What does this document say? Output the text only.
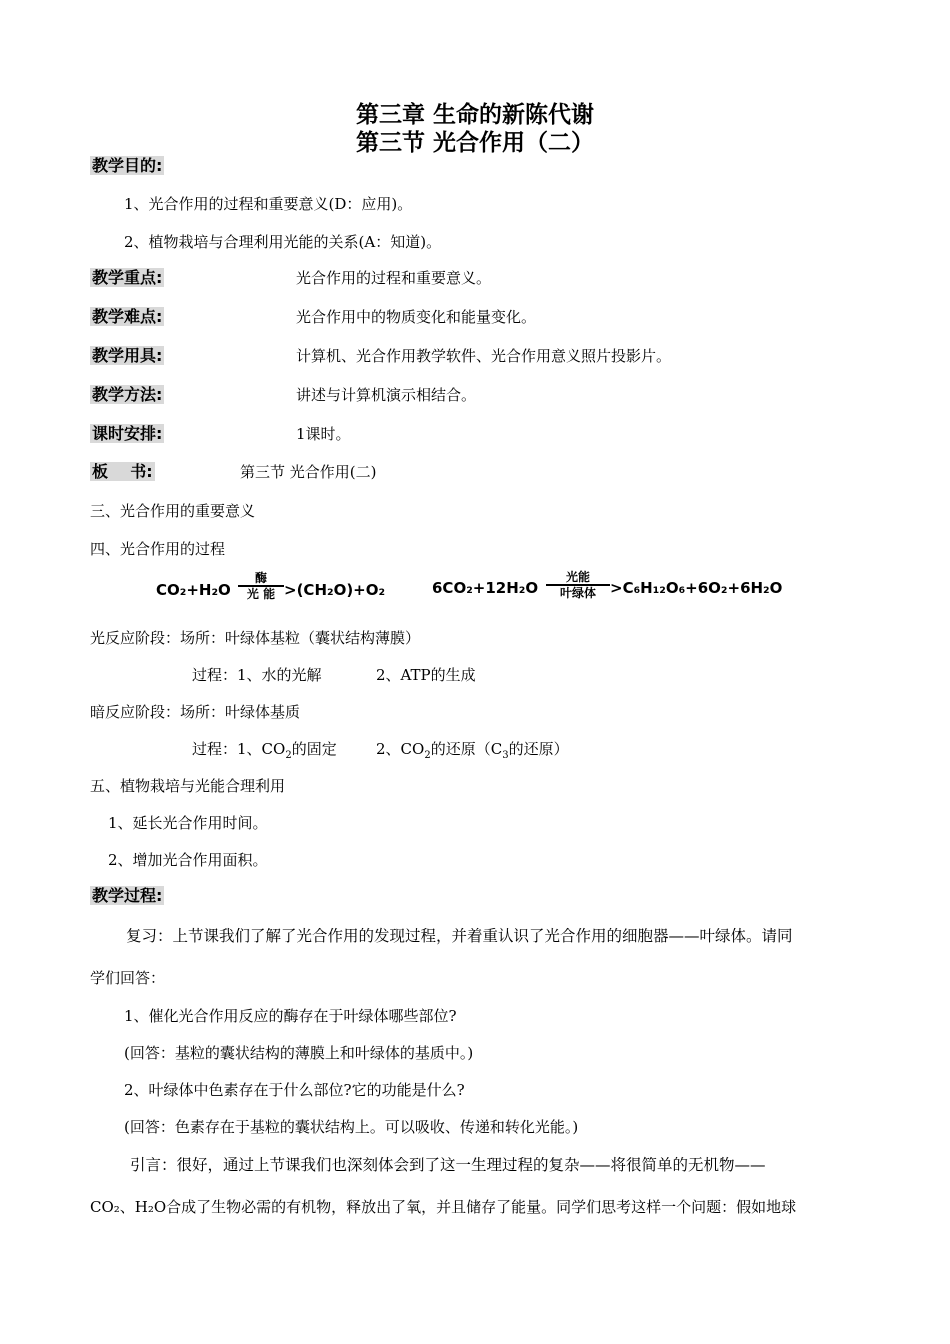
第三章 生命的新陈代谢
第三节 光合作用（二）
教学目的:
1、光合作用的过程和重要意义(D：应用)。
2、植物栽培与合理利用光能的关系(A：知道)。
教学重点:	光合作用的过程和重要意义。
教学难点:	光合作用中的物质变化和能量变化。
教学用具:	计算机、光合作用教学软件、光合作用意义照片投影片。
教学方法:	讲述与计算机演示相结合。
课时安排:	1课时。
板    书:	第三节 光合作用(二)
三、光合作用的重要意义
四、光合作用的过程
CO₂+H₂O
酶
光 能 >(CH₂O)+O₂	6CO₂+12H₂O
光能
叶绿体 >C₆H₁₂O₆+6O₂+6H₂O
光反应阶段：场所：叶绿体基粒（囊状结构薄膜）
过程：1、水的光解	2、ATP的生成
暗反应阶段：场所：叶绿体基质
过程：1、$CO_2$的固定	2、$CO_2$的还原（$C_3$的还原）
五、植物栽培与光能合理利用
1、延长光合作用时间。
2、增加光合作用面积。
教学过程:
复习：上节课我们了解了光合作用的发现过程，并着重认识了光合作用的细胞器——叶绿体。请同
学们回答：
1、催化光合作用反应的酶存在于叶绿体哪些部位?
(回答：基粒的囊状结构的薄膜上和叶绿体的基质中。)
2、叶绿体中色素存在于什么部位?它的功能是什么?
(回答：色素存在于基粒的囊状结构上。可以吸收、传递和转化光能。)
引言：很好，通过上节课我们也深刻体会到了这一生理过程的复杂——将很简单的无机物——
CO₂、H₂O合成了生物必需的有机物，释放出了氧，并且储存了能量。同学们思考这样一个问题：假如地球
